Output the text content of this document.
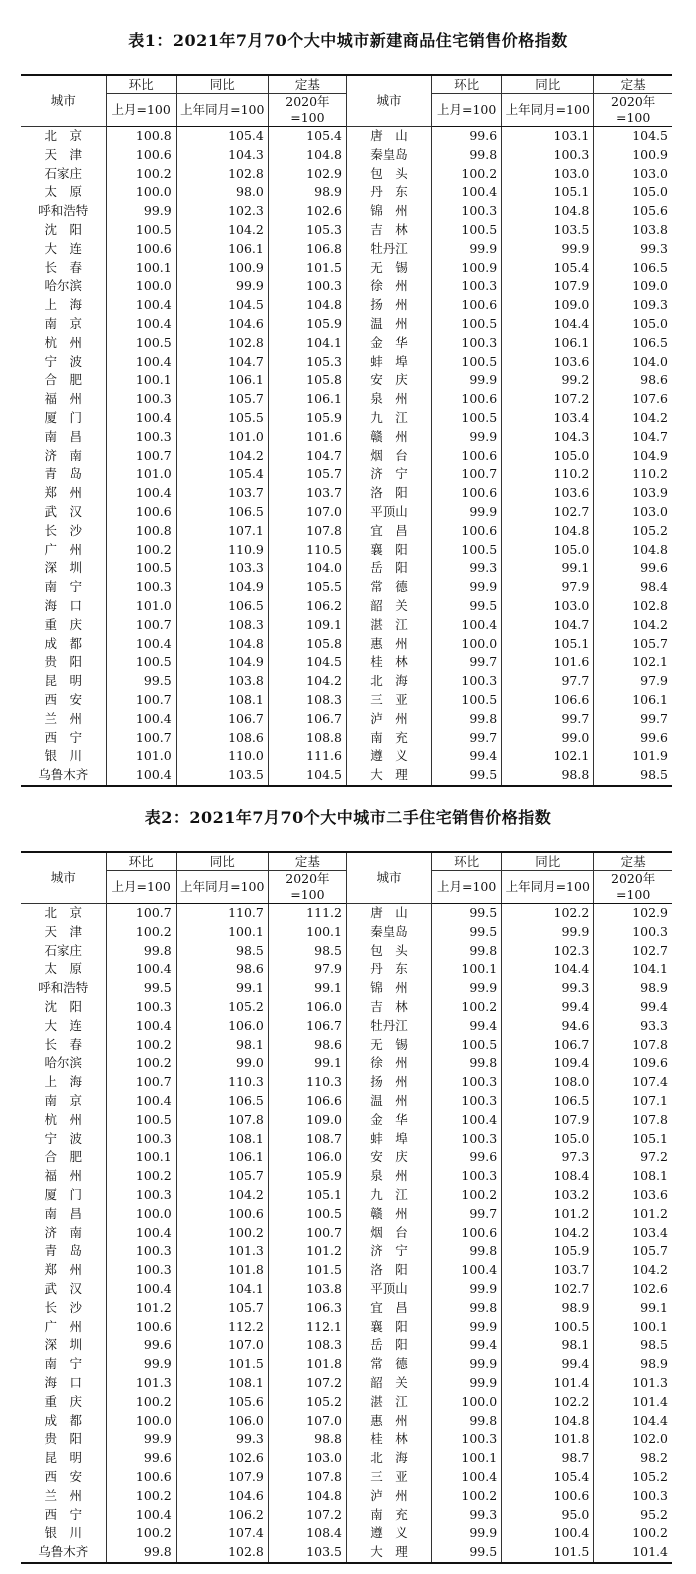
表1：2021年7月70个大中城市新建商品住宅销售价格指数
城市	环比	同比	定基	城市	环比	同比	定基
	上月=100	上年同月=100	2020年=100		上月=100	上年同月=100	2020年=100
北　京	100.8	105.4	105.4	唐　山	99.6	103.1	104.5
天　津	100.6	104.3	104.8	秦皇岛	99.8	100.3	100.9
石家庄	100.2	102.8	102.9	包　头	100.2	103.0	103.0
太　原	100.0	98.0	98.9	丹　东	100.4	105.1	105.0
呼和浩特	99.9	102.3	102.6	锦　州	100.3	104.8	105.6
沈　阳	100.5	104.2	105.3	吉　林	100.5	103.5	103.8
大　连	100.6	106.1	106.8	牡丹江	99.9	99.9	99.3
长　春	100.1	100.9	101.5	无　锡	100.9	105.4	106.5
哈尔滨	100.0	99.9	100.3	徐　州	100.3	107.9	109.0
上　海	100.4	104.5	104.8	扬　州	100.6	109.0	109.3
南　京	100.4	104.6	105.9	温　州	100.5	104.4	105.0
杭　州	100.5	102.8	104.1	金　华	100.3	106.1	106.5
宁　波	100.4	104.7	105.3	蚌　埠	100.5	103.6	104.0
合　肥	100.1	106.1	105.8	安　庆	99.9	99.2	98.6
福　州	100.3	105.7	106.1	泉　州	100.6	107.2	107.6
厦　门	100.4	105.5	105.9	九　江	100.5	103.4	104.2
南　昌	100.3	101.0	101.6	赣　州	99.9	104.3	104.7
济　南	100.7	104.2	104.7	烟　台	100.6	105.0	104.9
青　岛	101.0	105.4	105.7	济　宁	100.7	110.2	110.2
郑　州	100.4	103.7	103.7	洛　阳	100.6	103.6	103.9
武　汉	100.6	106.5	107.0	平顶山	99.9	102.7	103.0
长　沙	100.8	107.1	107.8	宜　昌	100.6	104.8	105.2
广　州	100.2	110.9	110.5	襄　阳	100.5	105.0	104.8
深　圳	100.5	103.3	104.0	岳　阳	99.3	99.1	99.6
南　宁	100.3	104.9	105.5	常　德	99.9	97.9	98.4
海　口	101.0	106.5	106.2	韶　关	99.5	103.0	102.8
重　庆	100.7	108.3	109.1	湛　江	100.4	104.7	104.2
成　都	100.4	104.8	105.8	惠　州	100.0	105.1	105.7
贵　阳	100.5	104.9	104.5	桂　林	99.7	101.6	102.1
昆　明	99.5	103.8	104.2	北　海	100.3	97.7	97.9
西　安	100.7	108.1	108.3	三　亚	100.5	106.6	106.1
兰　州	100.4	106.7	106.7	泸　州	99.8	99.7	99.7
西　宁	100.7	108.6	108.8	南　充	99.7	99.0	99.6
银　川	101.0	110.0	111.6	遵　义	99.4	102.1	101.9
乌鲁木齐	100.4	103.5	104.5	大　理	99.5	98.8	98.5
表2：2021年7月70个大中城市二手住宅销售价格指数
城市	环比	同比	定基	城市	环比	同比	定基
	上月=100	上年同月=100	2020年=100		上月=100	上年同月=100	2020年=100
北　京	100.7	110.7	111.2	唐　山	99.5	102.2	102.9
天　津	100.2	100.1	100.1	秦皇岛	99.5	99.9	100.3
石家庄	99.8	98.5	98.5	包　头	99.8	102.3	102.7
太　原	100.4	98.6	97.9	丹　东	100.1	104.4	104.1
呼和浩特	99.5	99.1	99.1	锦　州	99.9	99.3	98.9
沈　阳	100.3	105.2	106.0	吉　林	100.2	99.4	99.4
大　连	100.4	106.0	106.7	牡丹江	99.4	94.6	93.3
长　春	100.2	98.1	98.6	无　锡	100.5	106.7	107.8
哈尔滨	100.2	99.0	99.1	徐　州	99.8	109.4	109.6
上　海	100.7	110.3	110.3	扬　州	100.3	108.0	107.4
南　京	100.4	106.5	106.6	温　州	100.3	106.5	107.1
杭　州	100.5	107.8	109.0	金　华	100.4	107.9	107.8
宁　波	100.3	108.1	108.7	蚌　埠	100.3	105.0	105.1
合　肥	100.1	106.1	106.0	安　庆	99.6	97.3	97.2
福　州	100.2	105.7	105.9	泉　州	100.3	108.4	108.1
厦　门	100.3	104.2	105.1	九　江	100.2	103.2	103.6
南　昌	100.0	100.6	100.5	赣　州	99.7	101.2	101.2
济　南	100.4	100.2	100.7	烟　台	100.6	104.2	103.4
青　岛	100.3	101.3	101.2	济　宁	99.8	105.9	105.7
郑　州	100.3	101.8	101.5	洛　阳	100.4	103.7	104.2
武　汉	100.4	104.1	103.8	平顶山	99.9	102.7	102.6
长　沙	101.2	105.7	106.3	宜　昌	99.8	98.9	99.1
广　州	100.6	112.2	112.1	襄　阳	99.9	100.5	100.1
深　圳	99.6	107.0	108.3	岳　阳	99.4	98.1	98.5
南　宁	99.9	101.5	101.8	常　德	99.9	99.4	98.9
海　口	101.3	108.1	107.2	韶　关	99.9	101.4	101.3
重　庆	100.2	105.6	105.2	湛　江	100.0	102.2	101.4
成　都	100.0	106.0	107.0	惠　州	99.8	104.8	104.4
贵　阳	99.9	99.3	98.8	桂　林	100.3	101.8	102.0
昆　明	99.6	102.6	103.0	北　海	100.1	98.7	98.2
西　安	100.6	107.9	107.8	三　亚	100.4	105.4	105.2
兰　州	100.2	104.6	104.8	泸　州	100.2	100.6	100.3
西　宁	100.4	106.2	107.2	南　充	99.3	95.0	95.2
银　川	100.2	107.4	108.4	遵　义	99.9	100.4	100.2
乌鲁木齐	99.8	102.8	103.5	大　理	99.5	101.5	101.4
